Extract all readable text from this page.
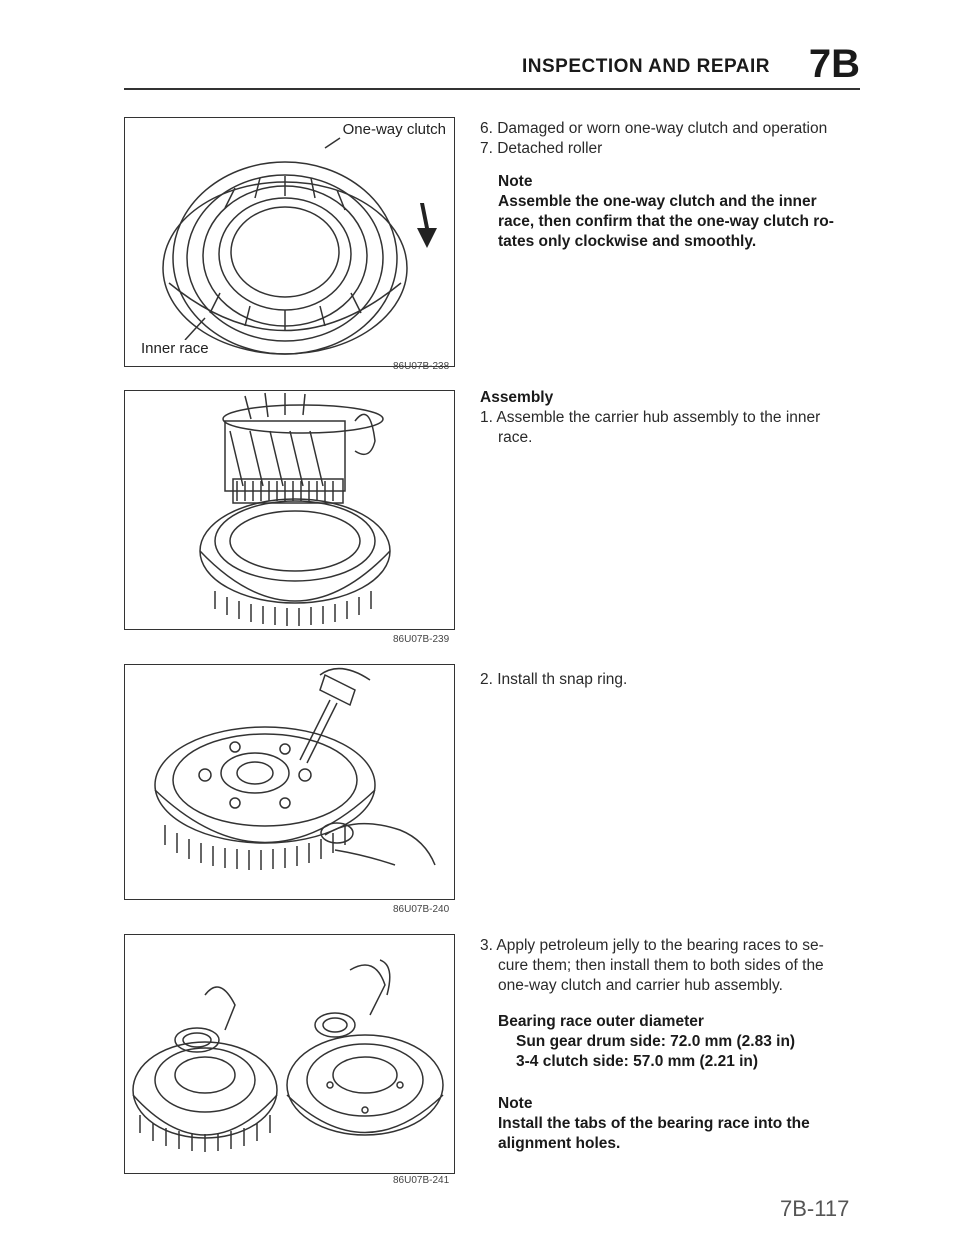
INSPECTION AND REPAIR 7B
One-way clutch
Inner race
86U07B-238
86U07B-239
86U07B-240
86U07B-241

6. Damaged or worn one-way clutch and operation

7. Detached roller

Note

Assemble the one-way clutch and the inner

race, then confirm that the one-way clutch ro-

tates only clockwise and smoothly.

Assembly

1. Assemble the carrier hub assembly to the inner

race.

2. Install th snap ring.

3. Apply petroleum jelly to the bearing races to se-

cure them; then install them to both sides of the

one-way clutch and carrier hub assembly.

Bearing race outer diameter

Sun gear drum side: 72.0 mm (2.83 in)

3-4 clutch side: 57.0 mm (2.21 in)

Note

Install the tabs of the bearing race into the

alignment holes.

7B-117
